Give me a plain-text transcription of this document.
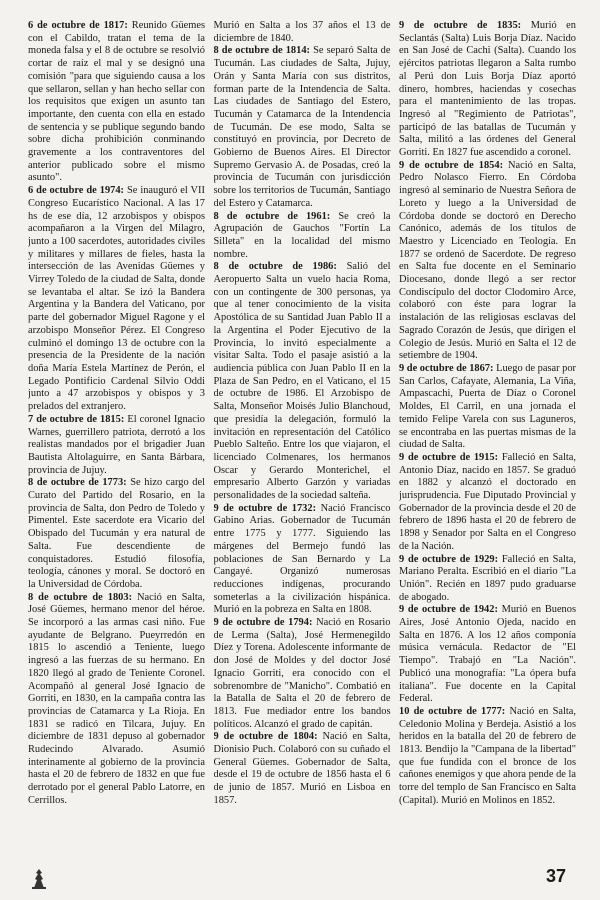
6 de octubre de 1817: Reunido Güemes con el Cabildo, tratan el tema de la moneda falsa y el 8 de octubre se resolvió cortar de raíz el mal y se designó una comisión "para que siguiendo causa a los que sellaron, sellan y han hecho sellar con los requisitos que exigen un asunto tan importante, den cuenta con ella en estado de sentencia y se publique segundo bando sobre dicha prohibición conminando gravemente a los contraventores del anterior publicado sobre el mismo asunto".

6 de octubre de 1974: Se inauguró el VII Congreso Eucarístico Nacional. A las 17 hs de ese día, 12 arzobispos y obispos acompañaron a la Virgen del Milagro, junto a 100 sacerdotes, autoridades civiles y militares y millares de fieles, hasta la intersección de las Avenidas Güemes y Virrey Toledo de la ciudad de Salta, donde se levantaba el altar. Se izó la Bandera Argentina y la Bandera del Vaticano, por parte del gobernador Miguel Ragone y el arzobispo Monseñor Pérez. El Congreso culminó el domingo 13 de octubre con la presencia de la Presidente de la nación doña María Estela Martínez de Perón, el Legado Pontificio Cardenal Silvio Oddi junto a 47 arzobispos y obispos y 3 prelados del extranjero.

7 de octubre de 1815: El coronel Ignacio Warnes, guerrillero patriota, derrotó a los realistas mandados por el brigadier Juan Bautista Altolaguirre, en Santa Bárbara, provincia de Jujuy.

8 de octubre de 1773: Se hizo cargo del Curato del Partido del Rosario, en la provincia de Salta, don Pedro de Toledo y Pimentel. Este sacerdote era Vicario del Obispado del Tucumán y era natural de Salta. Fue descendiente de conquistadores. Estudió filosofía, teología, cánones y moral. Se doctoró en la Universidad de Córdoba.

8 de octubre de 1803: Nació en Salta, José Güemes, hermano menor del héroe. Se incorporó a las armas casi niño. Fue ayudante de Belgrano. Pueyrredón en 1815 lo ascendió a Teniente, luego ingresó a las fuerzas de su hermano. En 1820 llegó al grado de Teniente Coronel. Acompañó al general José Ignacio de Gorriti, en 1830, en la campaña contra las provincias de Catamarca y La Rioja. En 1831 se radicó en Tilcara, Jujuy. En diciembre de 1831 depuso al gobernador Rudecindo Alvarado. Asumió interinamente al gobierno de la provincia hasta el 20 de febrero de 1832 en que fue derrotado por el general Pablo Latorre, en Cerrillos.

Murió en Salta a los 37 años el 13 de diciembre de 1840.

8 de octubre de 1814: Se separó Salta de Tucumán. Las ciudades de Salta, Jujuy, Orán y Santa María con sus distritos, forman parte de la Intendencia de Salta. Las ciudades de Santiago del Estero, Tucumán y Catamarca de la Intendencia de Tucumán. De ese modo, Salta se constituyó en provincia, por Decreto de Gobierno de Buenos Aires. El Director Supremo Gervasio A. de Posadas, creó la provincia de Tucumán con jurisdicción sobre los territorios de Tucumán, Santiago del Estero y Catamarca.

8 de octubre de 1961: Se creó la Agrupación de Gauchos "Fortín La Silleta" en la localidad del mismo nombre.

8 de octubre de 1986: Salió del Aeropuerto Salta un vuelo hacia Roma, con un contingente de 300 personas, ya que al tener conocimiento de la visita Apostólica de su Santidad Juan Pablo II a la Argentina el Poder Ejecutivo de la Provincia, lo invitó especialmente a visitar Salta. Todo el pasaje asistió a la audiencia pública con Juan Pablo II en la Plaza de San Pedro, en el Vaticano, el 15 de octubre de 1986. El Arzobispo de Salta, Monseñor Moisés Julio Blanchoud, que presidía la delegación, formuló la invitación en representación del Católico Pueblo Salteño. Entre los que viajaron, el licenciado Colmenares, los hermanos Oscar y Gerardo Monterichel, el empresario Alberto Garzón y variadas personalidades de la sociedad salteña.

9 de octubre de 1732: Nació Francisco Gabino Arias. Gobernador de Tucumán entre 1775 y 1777. Siguiendo las márgenes del Bermejo fundó las poblaciones de San Bernardo y La Cangayé. Organizó numerosas reducciones indígenas, procurando someterlas a la civilización hispánica. Murió en la pobreza en Salta en 1808.

9 de octubre de 1794: Nació en Rosario de Lerma (Salta), José Hermenegildo Díez y Torena. Adolescente informante de don José de Moldes y del doctor José Ignacio Gorriti, era conocido con el sobrenombre de "Manicho". Combatió en la Batalla de Salta el 20 de febrero de 1813. Fue mediador entre los bandos políticos. Alcanzó el grado de capitán.

9 de octubre de 1804: Nació en Salta, Dionisio Puch. Colaboró con su cuñado el General Güemes. Gobernador de Salta, desde el 19 de octubre de 1856 hasta el 6 de junio de 1857. Murió en Lisboa en 1857.

9 de octubre de 1835: Murió en Seclantás (Salta) Luis Borja Díaz. Nacido en San José de Cachi (Salta). Cuando los ejércitos patriotas llegaron a Salta rumbo al Perú don Luis Borja Díaz aportó dinero, hombres, haciendas y cosechas para el mantenimiento de las tropas. Ingresó al "Regimiento de Patriotas", participó de las batallas de Tucumán y Salta, militó a las órdenes del General Gorriti. En 1827 fue ascendido a coronel.

9 de octubre de 1854: Nació en Salta, Pedro Nolasco Fierro. En Córdoba ingresó al seminario de Nuestra Señora de Loreto y luego a la Universidad de Córdoba donde se doctoró en Derecho Canónico, además de los títulos de Maestro y Licenciado en Teología. En 1877 se ordenó de Sacerdote. De regreso en Salta fue docente en el Seminario Diocesano, donde llegó a ser rector Condiscípulo del doctor Clodomiro Arce, colaboró con éste para lograr la instalación de las religiosas esclavas del Sagrado Corazón de Jesús, que dirigen el Colegio de Jesús. Murió en Salta el 12 de setiembre de 1904.

9 de octubre de 1867: Luego de pasar por San Carlos, Cafayate, Alemania, La Viña, Ampascachi, Puerta de Díaz o Coronel Moldes, El Carril, en una jornada el temido Felipe Varela con sus Laguneros, se encontraba en las puertas mismas de la ciudad de Salta.

9 de octubre de 1915: Falleció en Salta, Antonio Díaz, nacido en 1857. Se graduó en 1882 y alcanzó el doctorado en jurisprudencia. Fue Diputado Provincial y Gobernador de la provincia desde el 20 de febrero de 1896 hasta el 20 de febrero de 1898 y Senador por Salta en el Congreso de la Nación.

9 de octubre de 1929: Falleció en Salta, Mariano Peralta. Escribió en el diario "La Unión". Recién en 1897 pudo graduarse de abogado.

9 de octubre de 1942: Murió en Buenos Aires, José Antonio Ojeda, nacido en Salta en 1876. A los 12 años componía música vernácula. Redactor de "El Tiempo". Trabajó en "La Nación". Publicó una monografía: "La ópera bufa italiana". Fue docente en la Capital Federal.

10 de octubre de 1777: Nació en Salta, Celedonio Molina y Berdeja. Asistió a los heridos en la batalla del 20 de febrero de 1813. Bendijo la "Campana de la libertad" que fue fundida con el bronce de los cañones enemigos y que ahora pende de la torre del templo de San Francisco en Salta (Capital). Murió en Molinos en 1852.

37
